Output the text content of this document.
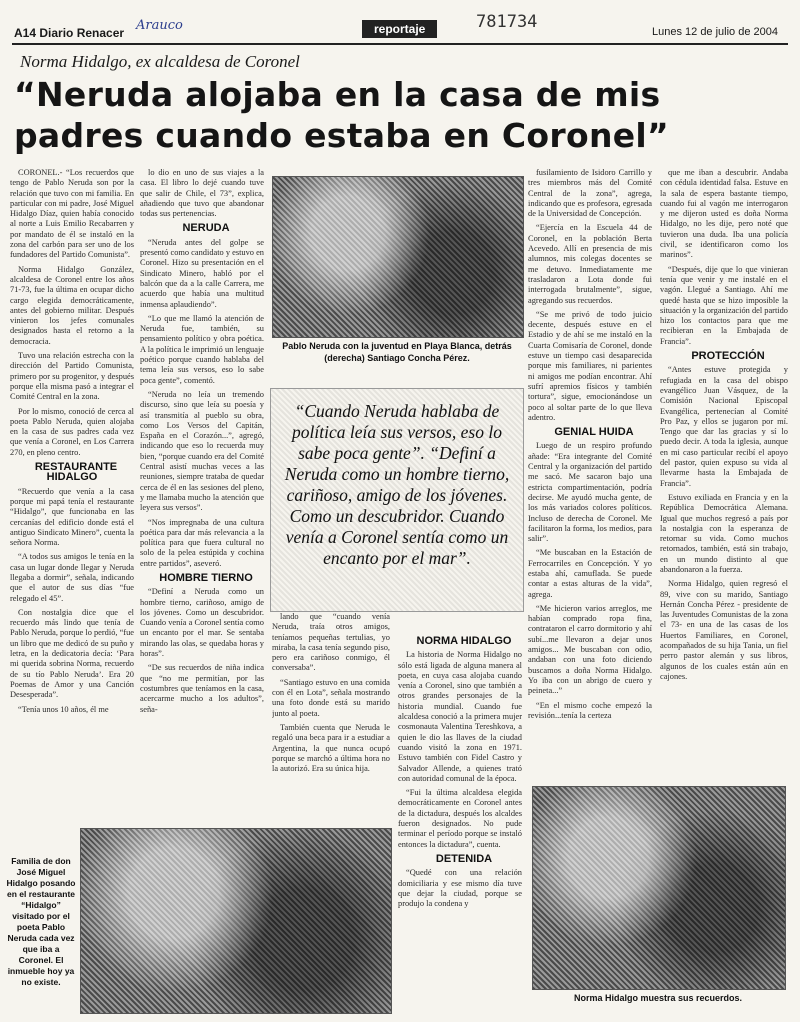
A14 Diario Renacer Arauco	reportaje	781734	Lunes 12 de julio de 2004
Norma Hidalgo, ex alcaldesa de Coronel
“Neruda alojaba en la casa de mis padres cuando estaba en Coronel”

CORONEL.- “Los recuerdos que tengo de Pablo Neruda son por la relación que tuvo con mi familia. En particular con mi padre, José Miguel Hidalgo Díaz, quien había conocido al norte a Luis Emilio Recabarren y por mandato de él se instaló en la zona del carbón para ser uno de los fundadores del Partido Comunista”.

Norma Hidalgo González, alcaldesa de Coronel entre los años 71-73, fue la última en ocupar dicho cargo elegida democráticamente, antes del gobierno militar. Después vinieron los jefes comunales designados hasta el retorno a la democracia.

Tuvo una relación estrecha con la dirección del Partido Comunista, primero por su progenitor, y después porque ella misma pasó a integrar el Comité Central en la zona.

Por lo mismo, conoció de cerca al poeta Pablo Neruda, quien alojaba en la casa de sus padres cada vez que venía a Coronel, en Los Carrera 270, en pleno centro.

RESTAURANTE HIDALGO

“Recuerdo que venía a la casa porque mi papá tenía el restaurante “Hidalgo”, que funcionaba en las cercanías del edificio donde está el antiguo Sindicato Minero”, cuenta la señora Norma.

“A todos sus amigos le tenía en la casa un lugar donde llegar y Neruda llegaba a dormir”, señala, indicando que el autor de sus días “fue relegado el 45”.

Con nostalgia dice que el recuerdo más lindo que tenía de Pablo Neruda, porque lo perdió, “fue un libro que me dedicó de su puño y letra, en la dedicatoria decía: ‘Para mi querida sobrina Norma, recuerdo de su tío Pablo Neruda’. Era 20 Poemas de Amor y una Canción Desesperada”.

“Tenía unos 10 años, él me

lo dio en uno de sus viajes a la casa. El libro lo dejé cuando tuve que salir de Chile, el 73”, explica, añadiendo que tuvo que abandonar todas sus pertenencias.

NERUDA

“Neruda antes del golpe se presentó como candidato y estuvo en Coronel. Hizo su presentación en el Sindicato Minero, habló por el balcón que da a la calle Carrera, me acuerdo que había una multitud inmensa aplaudiendo”.

“Lo que me llamó la atención de Neruda fue, también, su pensamiento político y obra poética. A la política le imprimió un lenguaje poético porque cuando hablaba del tema leía sus versos, eso lo sabe poca gente”, comentó.

“Neruda no leía un tremendo discurso, sino que leía su poesía y así transmitía al pueblo su obra, como Los Versos del Capitán, España en el Corazón...”, agregó, indicando que eso lo recuerda muy bien, “porque cuando era del Comité Central asistí muchas veces a las reuniones, siempre trataba de quedar cerca de él en las sesiones del pleno, y me llamaba mucho la atención que leyera sus versos”.

“Nos impregnaba de una cultura poética para dar más relevancia a la política para que fuera cultural no solo de la pelea estúpida y cochina entre partidos”, aseveró.

HOMBRE TIERNO

“Definí a Neruda como un hombre tierno, cariñoso, amigo de los jóvenes. Como un descubridor. Cuando venía a Coronel sentía como un encanto por el mar. Se sentaba mirando las olas, se quedaba horas y horas”.

“De sus recuerdos de niña indica que “no me permitían, por las costumbres que teníamos en la casa, acercarme mucho a los adultos”, seña-

Pablo Neruda con la juventud en Playa Blanca, detrás (derecha) Santiago Concha Pérez.
“Cuando Neruda hablaba de política leía sus versos, eso lo sabe poca gente”. “Definí a Neruda como un hombre tierno, cariñoso, amigo de los jóvenes. Como un descubridor. Cuando venía a Coronel sentía como un encanto por el mar”.

lando que “cuando venía Neruda, traía otros amigos, teníamos pequeñas tertulias, yo miraba, la casa tenía segundo piso, pero era cariñoso conmigo, él conversaba”.

“Santiago estuvo en una comida con él en Lota”, señala mostrando una foto donde está su marido junto al poeta.

También cuenta que Neruda le regaló una beca para ir a estudiar a Argentina, la que nunca ocupó porque se marchó a última hora no la autorizó. Era su única hija.

NORMA HIDALGO

La historia de Norma Hidalgo no sólo está ligada de alguna manera al poeta, en cuya casa alojaba cuando venía a Coronel, sino que también a otros grandes personajes de la historia mundial. Cuando fue alcaldesa conoció a la primera mujer cosmonauta Valentina Tereshkova, a quien le dio las llaves de la ciudad cuando visitó la zona en 1971. Estuvo también con Fidel Castro y Salvador Allende, a quienes trató con autoridad comunal de la época.

“Fui la última alcaldesa elegida democráticamente en Coronel antes de la dictadura, después los alcaldes fueron designados. No pude terminar el período porque se instaló entonces la dictadura”, cuenta.

DETENIDA

“Quedé con una relación domiciliaria y ese mismo día tuve que dejar la ciudad, porque se produjo la condena y

fusilamiento de Isidoro Carrillo y tres miembros más del Comité Central de la zona”, agrega, indicando que es profesora, egresada de la Universidad de Concepción.

“Ejercía en la Escuela 44 de Coronel, en la población Berta Acevedo. Allí en presencia de mis alumnos, mis colegas docentes se me detuvo. Inmediatamente me trasladaron a Lota donde fui interrogada brutalmente”, sigue, agregando sus recuerdos.

“Se me privó de todo juicio decente, después estuve en el Estadio y de ahí se me instaló en la Cuarta Comisaría de Coronel, donde estuve un tiempo casi desaparecida porque mis familiares, ni parientes ni amigos me podían encontrar. Ahí sufrí apremios físicos y también tortura”, sigue, emocionándose un poco al soltar parte de lo que lleva adentro.

GENIAL HUIDA

Luego de un respiro profundo añade: “Era integrante del Comité Central y la organización del partido me sacó. Me sacaron bajo una estricta compartimentación, podría decirse. Me ayudó mucha gente, de los más variados colores políticos. Incluso de derecha de Coronel. Me facilitaron la forma, los medios, para salir”.

“Me buscaban en la Estación de Ferrocarriles en Concepción. Y yo estaba ahí, camuflada. Se puede contar a estas alturas de la vida”, agrega.

“Me hicieron varios arreglos, me habían comprado ropa fina, contrataron el carro dormitorio y ahí subí...me llevaron a dejar unos amigos... Me buscaban con odio, andaban con una foto diciendo buscamos a doña Norma Hidalgo. Yo iba con un abrigo de cuero y peineta...”

“En el mismo coche empezó la revisión...tenía la certeza

que me iban a descubrir. Andaba con cédula identidad falsa. Estuve en la sala de espera bastante tiempo, cuando fui al vagón me interrogaron y me dijeron usted es doña Norma Hidalgo, no les dije, pero noté que tuvieron una duda. Iba una policía civil, se identificaron como los marinos”.

“Después, dije que lo que vinieran tenía que venir y me instalé en el vagón. Llegué a Santiago. Ahí me quedé hasta que se hizo imposible la situación y la organización del partido hizo los contactos para que me recibieran en la Embajada de Francia”.

PROTECCIÓN

“Antes estuve protegida y refugiada en la casa del obispo evangélico Juan Vásquez, de la Comisión Nacional Episcopal Evangélica, pertenecían al Comité Pro Paz, y ellos se jugaron por mí. Tengo que dar las gracias y sí lo puedo decir. A toda la iglesia, aunque en mi caso particular recibí el apoyo del pastor, quien expuso su vida al llevarme hasta la Embajada de Francia”.

Estuvo exiliada en Francia y en la República Democrática Alemana. Igual que muchos regresó a país por la nostalgia con la esperanza de retornar su vida. Como muchos retornados, también, está sin trabajo, en un mundo distinto al que abandonaron a la fuerza.

Norma Hidalgo, quien regresó el 89, vive con su marido, Santiago Hernán Concha Pérez - presidente de las Juventudes Comunistas de la zona el 73- en una de las casas de los Huertos Familiares, en Coronel, acompañados de su hija Tania, un fiel perro pastor alemán y sus libros, algunos de los cuales están aún en cajones.

Familia de don José Miguel Hidalgo posando en el restaurante “Hidalgo” visitado por el poeta Pablo Neruda cada vez que iba a Coronel. El inmueble hoy ya no existe.
Norma Hidalgo muestra sus recuerdos.
